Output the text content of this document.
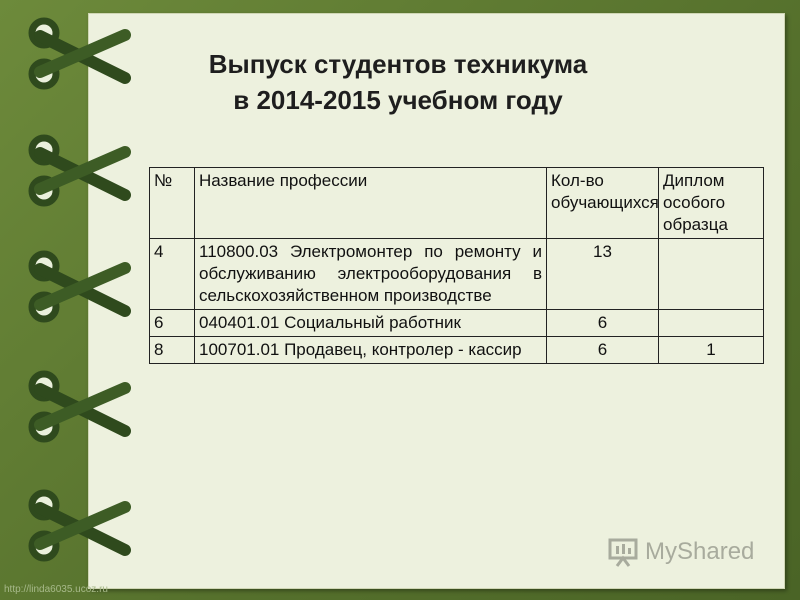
Выпуск студентов техникума
в 2014-2015 учебном году
№	Название профессии	Кол-во обучающихся	Диплом особого образца
4	110800.03 Электромонтер по ремонту и обслуживанию электрооборудования в сельскохозяйственном производстве	13	
6	040401.01 Социальный работник	6	
8	100701.01 Продавец, контролер - кассир	6	1
MyShared
http://linda6035.ucoz.ru
